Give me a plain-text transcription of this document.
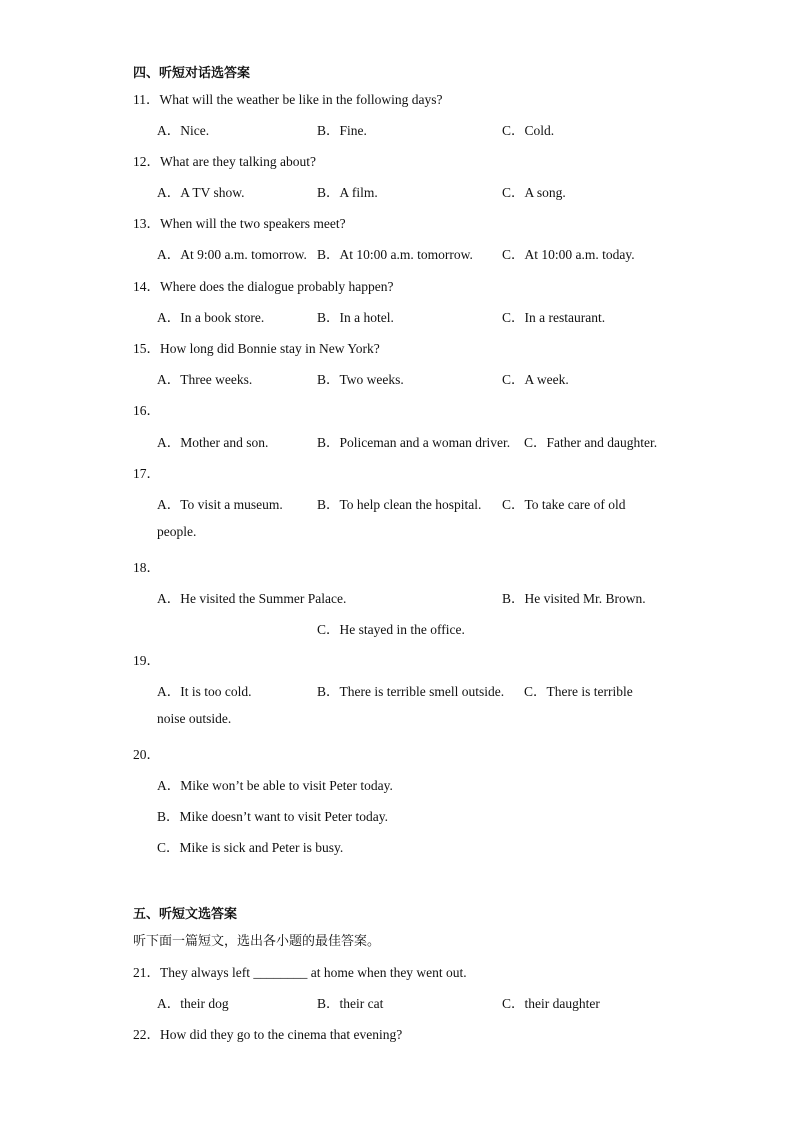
四、听短对话选答案
11．What will the weather be like in the following days?
A．Nice.	B．Fine.	C．Cold.
12．What are they talking about?
A．A TV show.	B．A film.	C．A song.
13．When will the two speakers meet?
A．At 9:00 a.m. tomorrow. B．At 10:00 a.m. tomorrow. C．At 10:00 a.m. today.
14．Where does the dialogue probably happen?
A．In a book store.	B．In a hotel.	C．In a restaurant.
15．How long did Bonnie stay in New York?
A．Three weeks.	B．Two weeks.	C．A week.
16．
A．Mother and son.	B．Policeman and a woman driver. C．Father and daughter.
17．
A．To visit a museum.	B．To help clean the hospital. C．To take care of old
people.
18．
A．He visited the Summer Palace.	B．He visited Mr. Brown.
C．He stayed in the office.
19．
A．It is too cold.	B．There is terrible smell outside. C．There is terrible
noise outside.
20．
A．Mike won’t be able to visit Peter today.
B．Mike doesn’t want to visit Peter today.
C．Mike is sick and Peter is busy.
五、听短文选答案
听下面一篇短文，选出各小题的最佳答案。
21．They always left ________ at home when they went out.
A．their dog	B．their cat	C．their daughter
22．How did they go to the cinema that evening?
